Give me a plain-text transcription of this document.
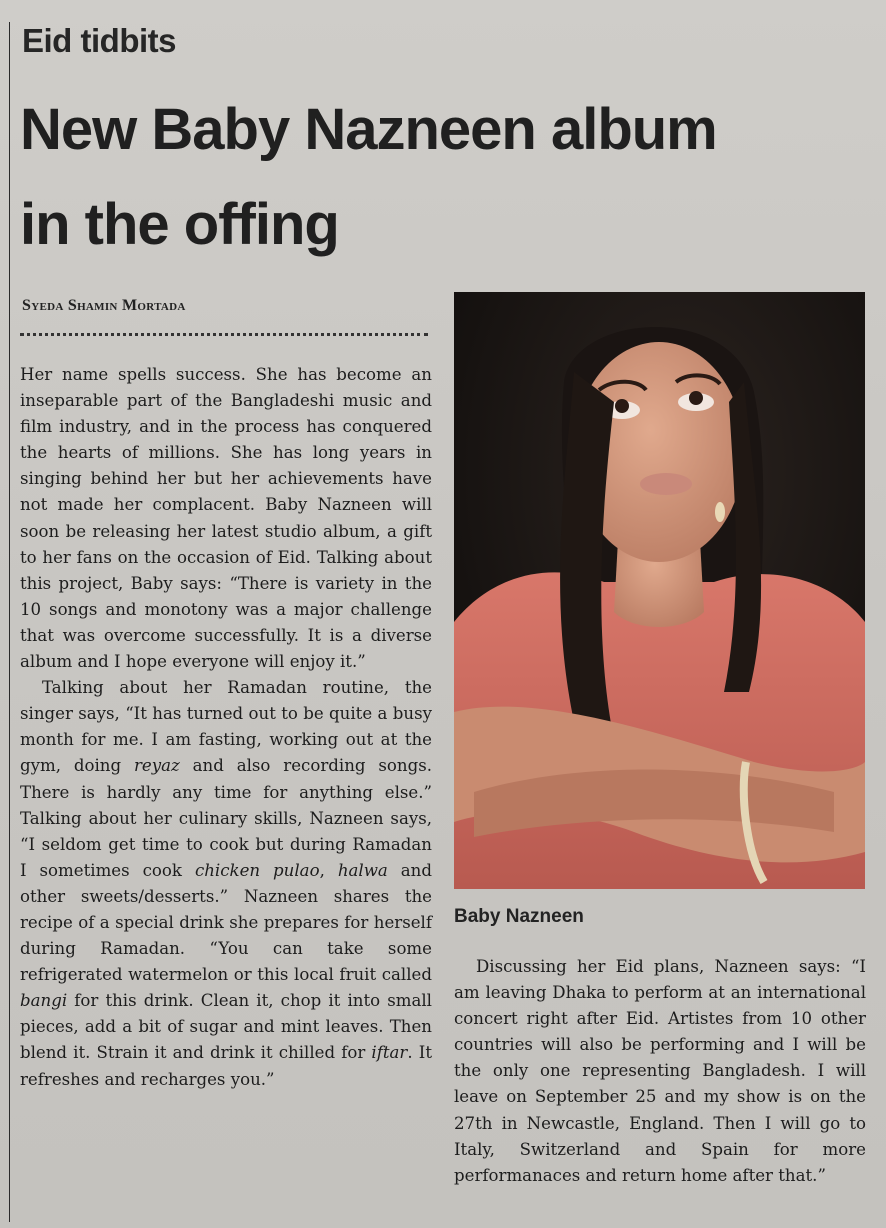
Eid tidbits
New Baby Nazneen album
in the offing
Syeda Shamin Mortada

Her name spells success. She has become an inseparable part of the Bangladeshi music and film industry, and in the process has conquered the hearts of millions. She has long years in singing behind her but her achievements have not made her complacent. Baby Nazneen will soon be releasing her latest studio album, a gift to her fans on the occasion of Eid. Talking about this project, Baby says: “There is variety in the 10 songs and monotony was a major challenge that was overcome successfully. It is a diverse album and I hope everyone will enjoy it.”

Talking about her Ramadan routine, the singer says, “It has turned out to be quite a busy month for me. I am fasting, working out at the gym, doing reyaz and also recording songs. There is hardly any time for anything else.” Talking about her culinary skills, Nazneen says, “I seldom get time to cook but during Ramadan I sometimes cook chicken pulao, halwa and other sweets/desserts.” Nazneen shares the recipe of a special drink she prepares for herself during Ramadan. “You can take some refrigerated watermelon or this local fruit called bangi for this drink. Clean it, chop it into small pieces, add a bit of sugar and mint leaves. Then blend it. Strain it and drink it chilled for iftar. It refreshes and recharges you.”

Baby Nazneen

Discussing her Eid plans, Nazneen says: “I am leaving Dhaka to perform at an international concert right after Eid. Artistes from 10 other countries will also be performing and I will be the only one representing Bangladesh. I will leave on September 25 and my show is on the 27th in Newcastle, England. Then I will go to Italy, Switzerland and Spain for more performanaces and return home after that.”
